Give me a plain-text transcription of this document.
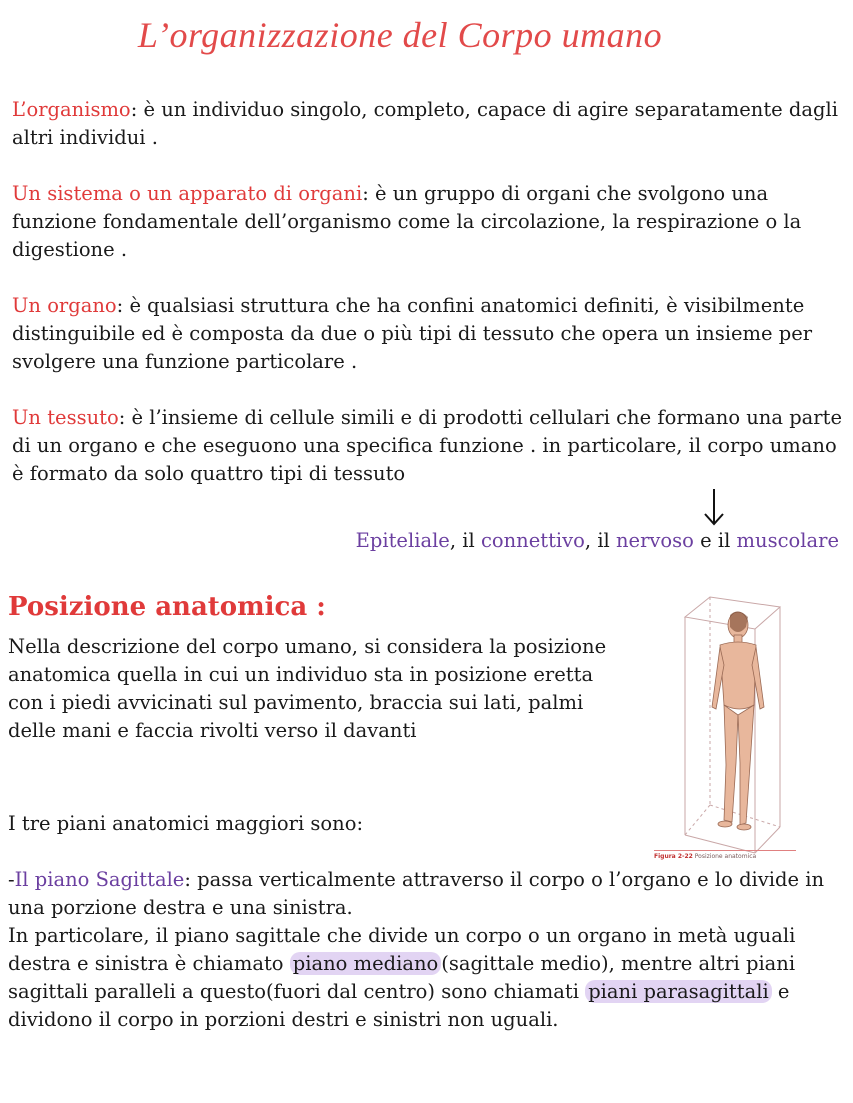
L’organizzazione del Corpo umano
L’organismo: è un individuo singolo, completo, capace di agire separatamente dagli altri individui .
Un sistema o un apparato di organi: è un gruppo di organi che svolgono una funzione fondamentale dell’organismo come la circolazione, la respirazione o la digestione .
Un organo: è qualsiasi struttura che ha confini anatomici definiti, è visibilmente distinguibile ed è composta da due o più tipi di tessuto che opera un insieme per svolgere una funzione particolare .
Un tessuto: è l’insieme di cellule simili e di prodotti cellulari che formano una parte di un organo e che eseguono una specifica funzione . in particolare, il corpo umano è formato da solo quattro tipi di tessuto
Epiteliale, il connettivo, il nervoso e il muscolare
Posizione anatomica :
Nella descrizione del corpo umano, si considera la posizione anatomica quella in cui un individuo sta in posizione eretta con i piedi avvicinati sul pavimento, braccia sui lati, palmi delle mani e faccia rivolti verso il davanti
I tre piani anatomici maggiori sono:
Figura 2-22 Posizione anatomica
-Il piano Sagittale: passa verticalmente attraverso il corpo o l’organo e lo divide in una porzione destra e una sinistra.
In particolare, il piano sagittale che divide un corpo o un organo in metà uguali destra e sinistra è chiamato piano mediano (sagittale medio), mentre altri piani sagittali paralleli a questo(fuori dal centro) sono chiamati piani parasagittali e dividono il corpo in porzioni destri e sinistri non uguali.
